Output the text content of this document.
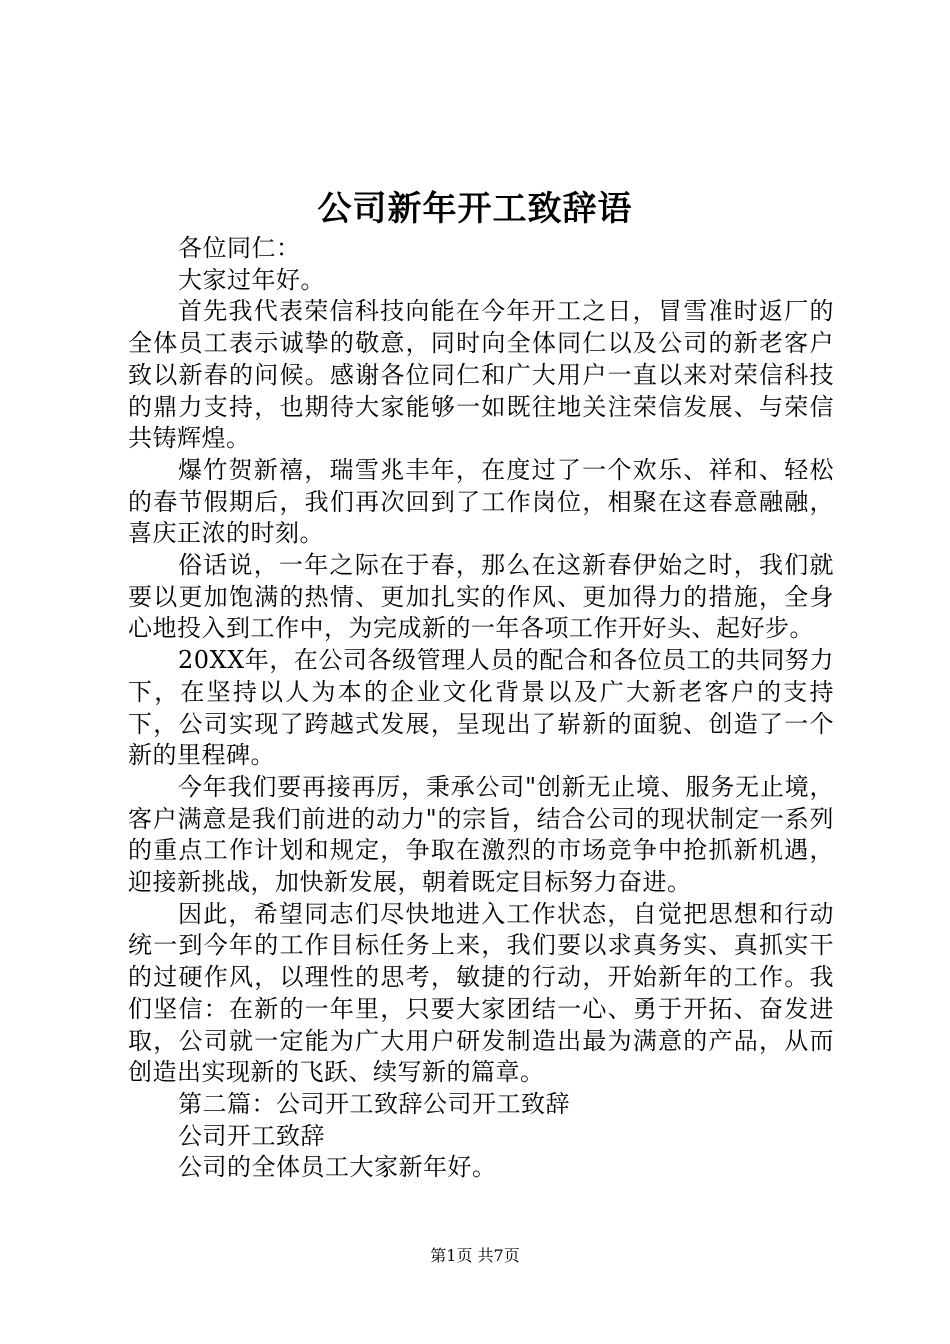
公司新年开工致辞语

各位同仁：

大家过年好。

首先我代表荣信科技向能在今年开工之日，冒雪准时返厂的全体员工表示诚挚的敬意，同时向全体同仁以及公司的新老客户致以新春的问候。感谢各位同仁和广大用户一直以来对荣信科技的鼎力支持，也期待大家能够一如既往地关注荣信发展、与荣信共铸辉煌。

爆竹贺新禧，瑞雪兆丰年，在度过了一个欢乐、祥和、轻松的春节假期后，我们再次回到了工作岗位，相聚在这春意融融，喜庆正浓的时刻。

俗话说，一年之际在于春，那么在这新春伊始之时，我们就要以更加饱满的热情、更加扎实的作风、更加得力的措施，全身心地投入到工作中，为完成新的一年各项工作开好头、起好步。

20XX年，在公司各级管理人员的配合和各位员工的共同努力下，在坚持以人为本的企业文化背景以及广大新老客户的支持下，公司实现了跨越式发展，呈现出了崭新的面貌、创造了一个新的里程碑。

今年我们要再接再厉，秉承公司"创新无止境、服务无止境，客户满意是我们前进的动力"的宗旨，结合公司的现状制定一系列的重点工作计划和规定，争取在激烈的市场竞争中抢抓新机遇，迎接新挑战，加快新发展，朝着既定目标努力奋进。

因此，希望同志们尽快地进入工作状态，自觉把思想和行动统一到今年的工作目标任务上来，我们要以求真务实、真抓实干的过硬作风，以理性的思考，敏捷的行动，开始新年的工作。我们坚信：在新的一年里，只要大家团结一心、勇于开拓、奋发进取，公司就一定能为广大用户研发制造出最为满意的产品，从而创造出实现新的飞跃、续写新的篇章。

第二篇：公司开工致辞公司开工致辞

公司开工致辞

公司的全体员工大家新年好。

第1页 共7页
